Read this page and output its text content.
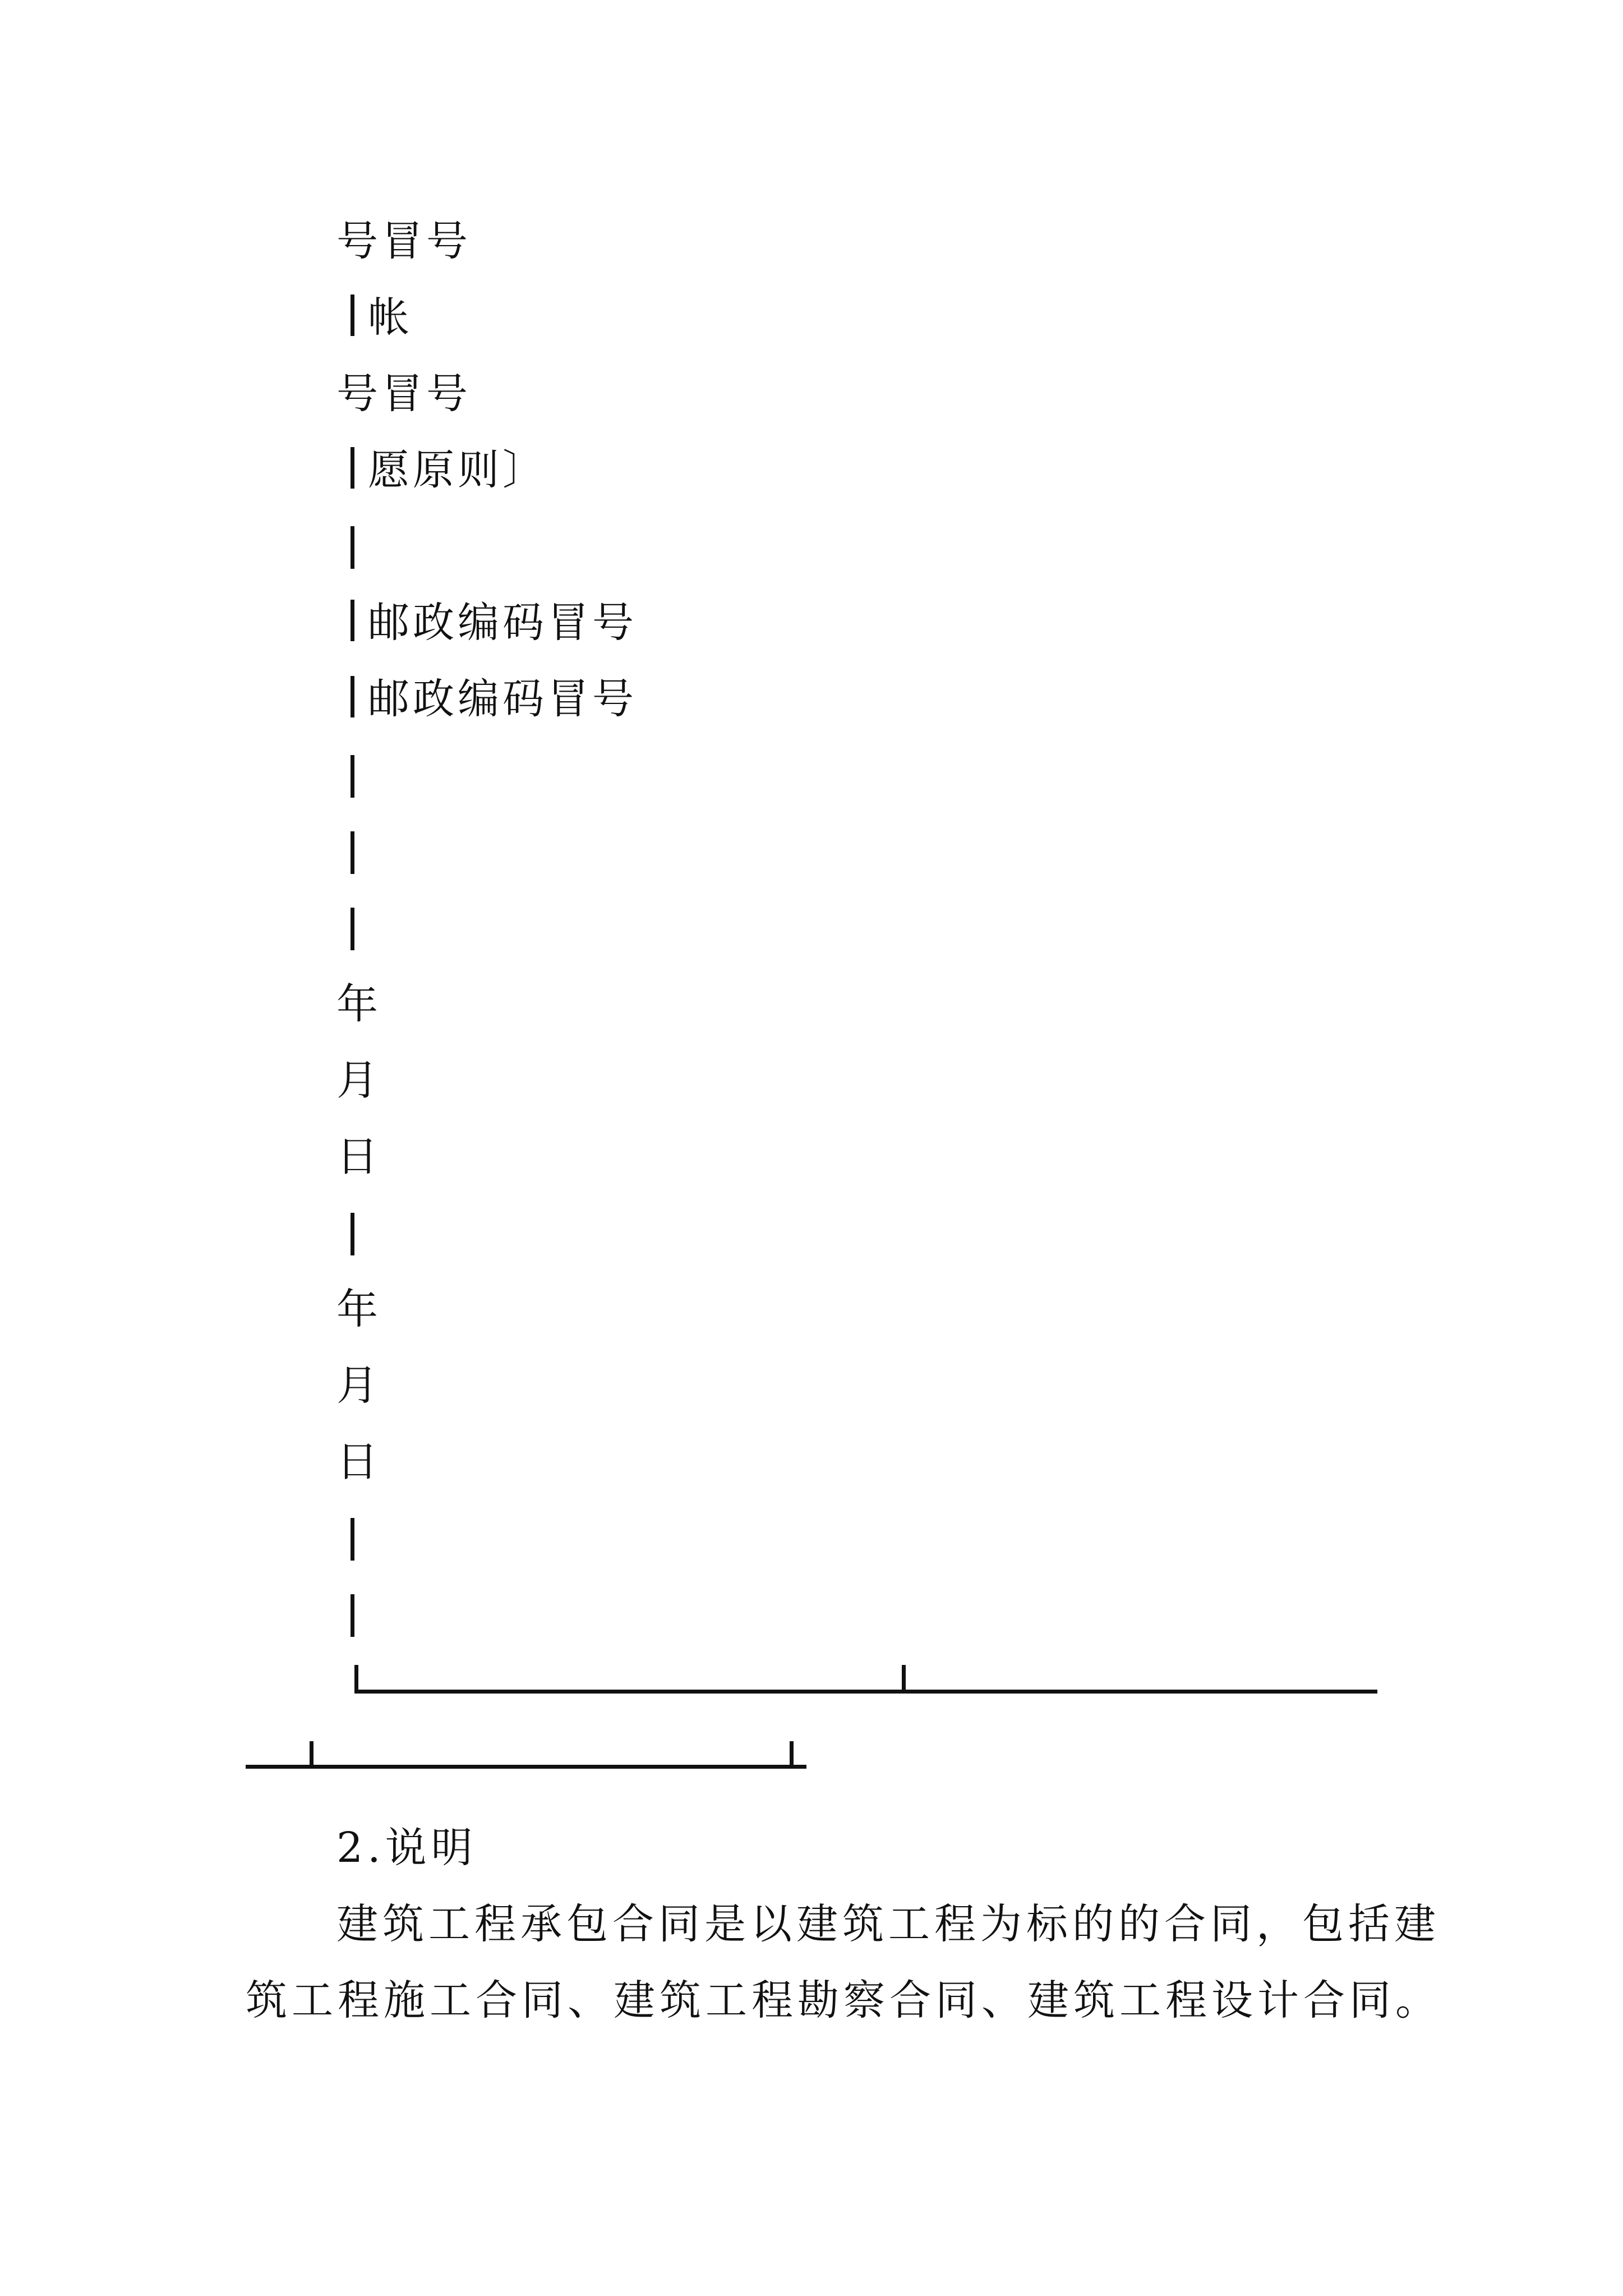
号冒号
帐
号冒号
愿原则〕
邮政编码冒号
邮政编码冒号
年
月
日
年
月
日
2.说明
建筑工程承包合同是以建筑工程为标的的合同，包括建
筑工程施工合同、建筑工程勘察合同、建筑工程设计合同。
